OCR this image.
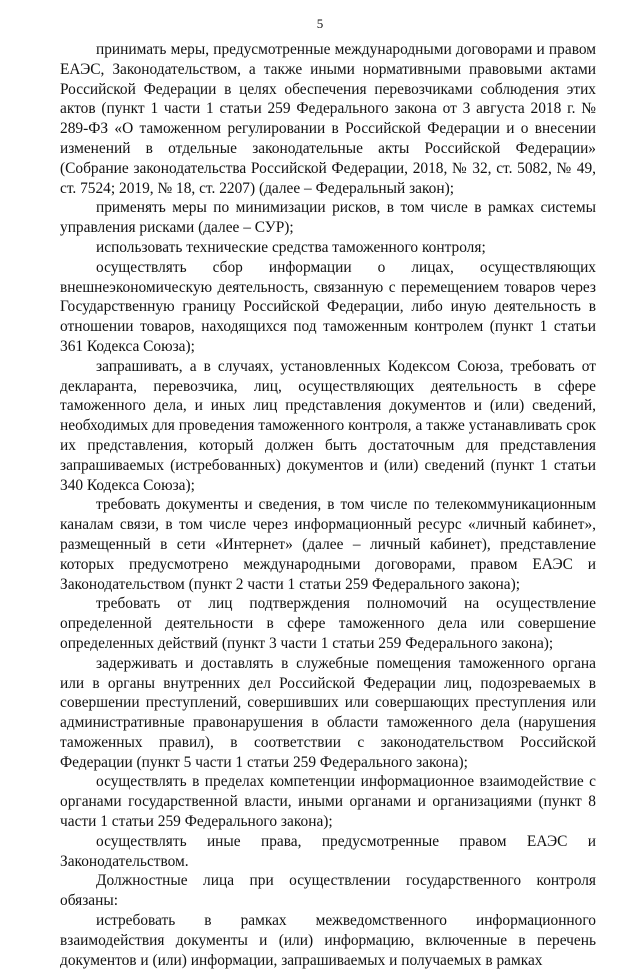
5

принимать меры, предусмотренные международными договорами и правом ЕАЭС, Законодательством, а также иными нормативными правовыми актами Российской Федерации в целях обеспечения перевозчиками соблюдения этих актов (пункт 1 части 1 статьи 259 Федерального закона от 3 августа 2018 г. № 289-ФЗ «О таможенном регулировании в Российской Федерации и о внесении изменений в отдельные законодательные акты Российской Федерации» (Собрание законодательства Российской Федерации, 2018, № 32, ст. 5082, № 49, ст. 7524; 2019, № 18, ст. 2207) (далее – Федеральный закон);

применять меры по минимизации рисков, в том числе в рамках системы управления рисками (далее – СУР);

использовать технические средства таможенного контроля;

осуществлять сбор информации о лицах, осуществляющих внешнеэкономическую деятельность, связанную с перемещением товаров через Государственную границу Российской Федерации, либо иную деятельность в отношении товаров, находящихся под таможенным контролем (пункт 1 статьи 361 Кодекса Союза);

запрашивать, а в случаях, установленных Кодексом Союза, требовать от декларанта, перевозчика, лиц, осуществляющих деятельность в сфере таможенного дела, и иных лиц представления документов и (или) сведений, необходимых для проведения таможенного контроля, а также устанавливать срок их представления, который должен быть достаточным для представления запрашиваемых (истребованных) документов и (или) сведений (пункт 1 статьи 340 Кодекса Союза);

требовать документы и сведения, в том числе по телекоммуникационным каналам связи, в том числе через информационный ресурс «личный кабинет», размещенный в сети «Интернет» (далее – личный кабинет), представление которых предусмотрено международными договорами, правом ЕАЭС и Законодательством (пункт 2 части 1 статьи 259 Федерального закона);

требовать от лиц подтверждения полномочий на осуществление определенной деятельности в сфере таможенного дела или совершение определенных действий (пункт 3 части 1 статьи 259 Федерального закона);

задерживать и доставлять в служебные помещения таможенного органа или в органы внутренних дел Российской Федерации лиц, подозреваемых в совершении преступлений, совершивших или совершающих преступления или административные правонарушения в области таможенного дела (нарушения таможенных правил), в соответствии с законодательством Российской Федерации (пункт 5 части 1 статьи 259 Федерального закона);

осуществлять в пределах компетенции информационное взаимодействие с органами государственной власти, иными органами и организациями (пункт 8 части 1 статьи 259 Федерального закона);

осуществлять иные права, предусмотренные правом ЕАЭС и Законодательством.

Должностные лица при осуществлении государственного контроля обязаны:

истребовать в рамках межведомственного информационного взаимодействия документы и (или) информацию, включенные в перечень документов и (или) информации, запрашиваемых и получаемых в рамках
